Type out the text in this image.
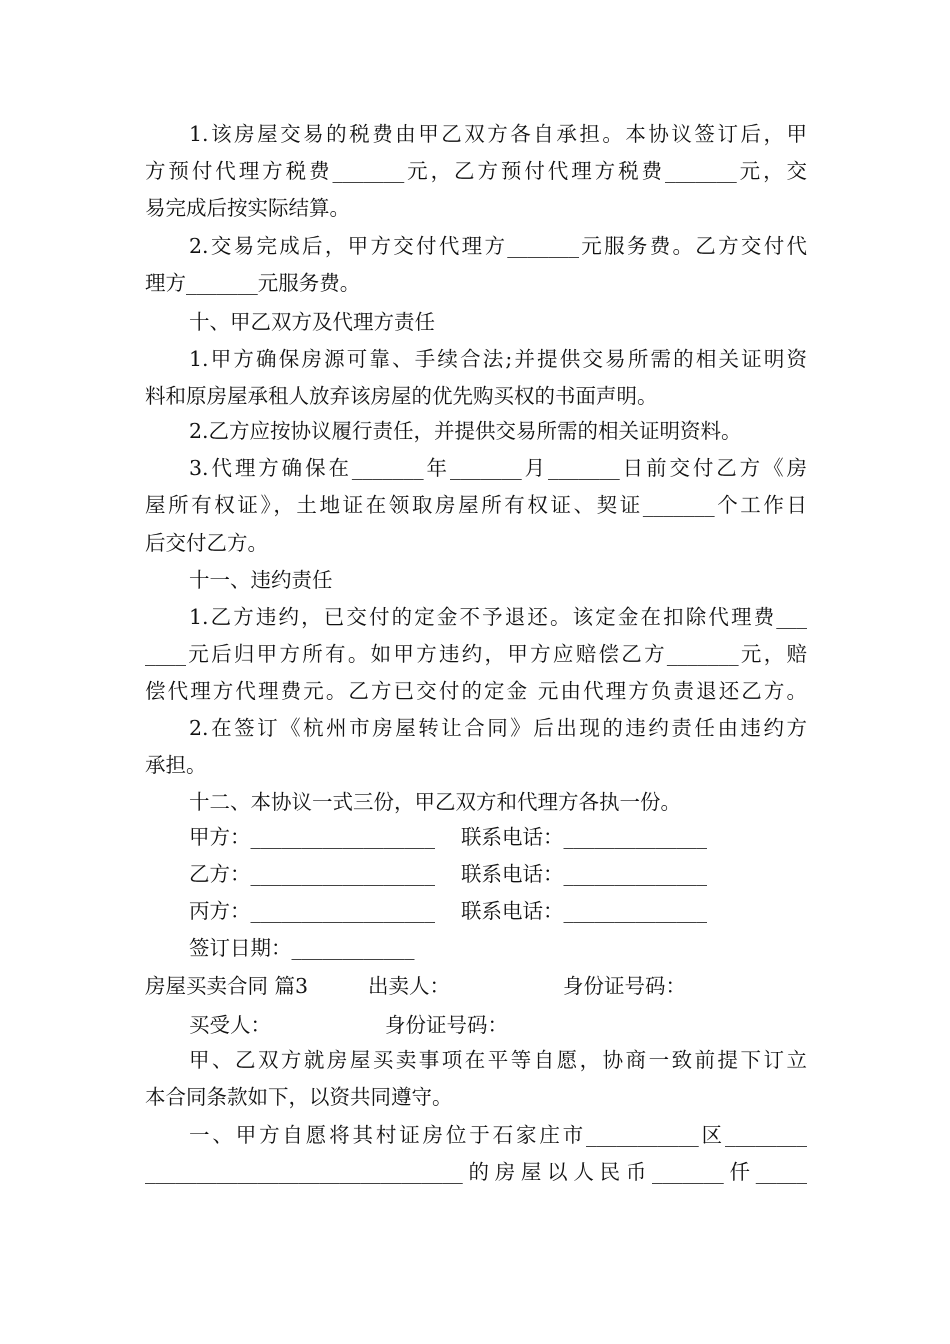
1.该房屋交易的税费由甲乙双方各自承担。本协议签订后，甲
方预付代理方税费_______元，乙方预付代理方税费_______元，交
易完成后按实际结算。
2.交易完成后，甲方交付代理方_______元服务费。乙方交付代
理方_______元服务费。
十、甲乙双方及代理方责任
1.甲方确保房源可靠、手续合法;并提供交易所需的相关证明资
料和原房屋承租人放弃该房屋的优先购买权的书面声明。
2.乙方应按协议履行责任，并提供交易所需的相关证明资料。
3.代理方确保在_______年_______月_______日前交付乙方《房
屋所有权证》，土地证在领取房屋所有权证、契证_______个工作日
后交付乙方。
十一、违约责任
1.乙方违约，已交付的定金不予退还。该定金在扣除代理费___
____元后归甲方所有。如甲方违约，甲方应赔偿乙方_______元，赔
偿代理方代理费元。乙方已交付的定金 元由代理方负责退还乙方。
2.在签订《杭州市房屋转让合同》后出现的违约责任由违约方
承担。
十二、本协议一式三份，甲乙双方和代理方各执一份。
甲方：__________________ 联系电话：______________
乙方：__________________ 联系电话：______________
丙方：__________________ 联系电话：______________
签订日期：____________
房屋买卖合同 篇3	出卖人：	身份证号码：
买受人：	身份证号码：
甲、乙双方就房屋买卖事项在平等自愿，协商一致前提下订立
本合同条款如下，以资共同遵守。
一、甲方自愿将其村证房位于石家庄市___________区________
_______________________________的房屋以人民币_______仟_____
